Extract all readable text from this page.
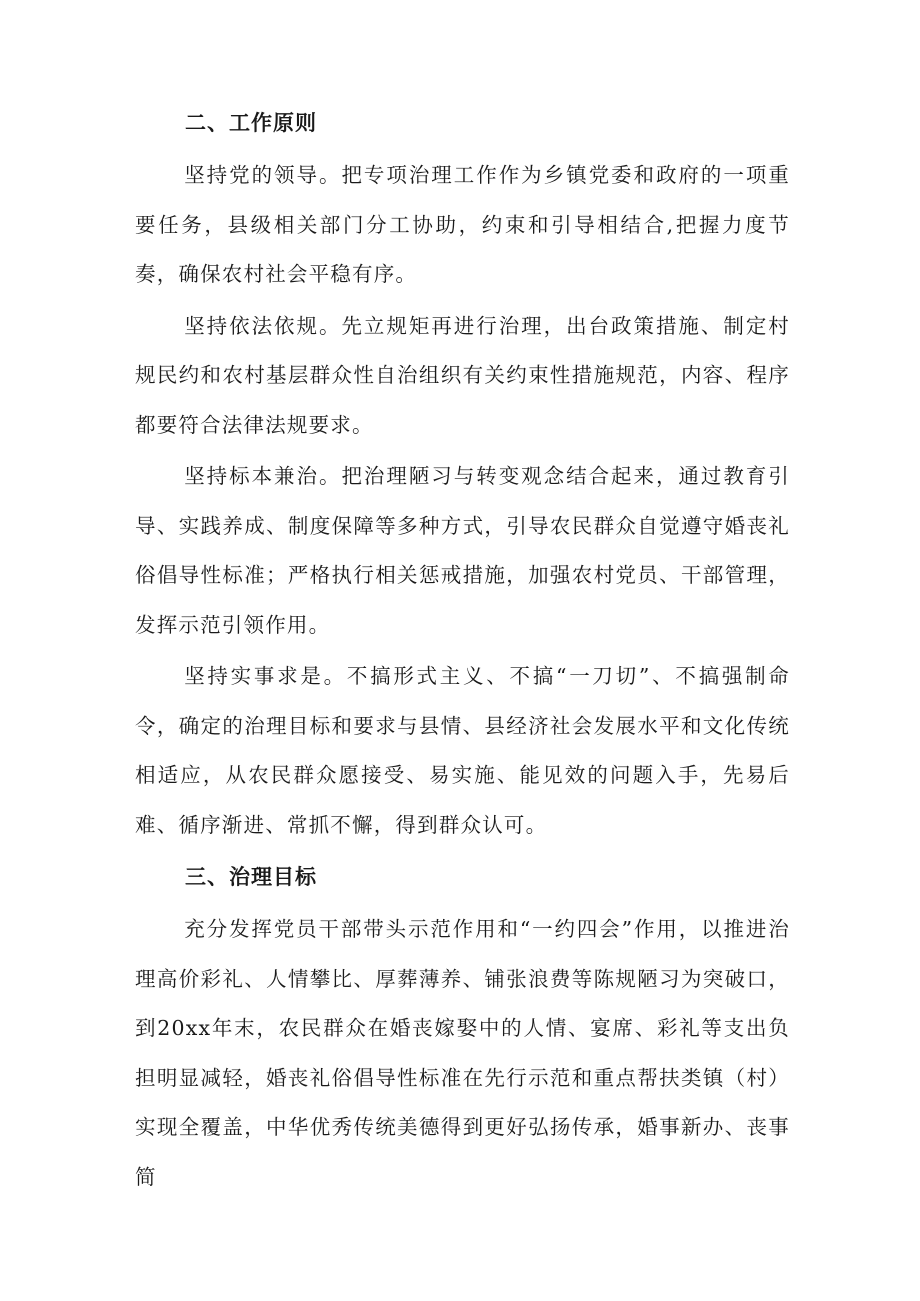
二、工作原则

坚持党的领导。把专项治理工作作为乡镇党委和政府的一项重要任务，县级相关部门分工协助，约束和引导相结合,把握力度节奏，确保农村社会平稳有序。

坚持依法依规。先立规矩再进行治理，出台政策措施、制定村规民约和农村基层群众性自治组织有关约束性措施规范，内容、程序都要符合法律法规要求。

坚持标本兼治。把治理陋习与转变观念结合起来，通过教育引导、实践养成、制度保障等多种方式，引导农民群众自觉遵守婚丧礼俗倡导性标准；严格执行相关惩戒措施，加强农村党员、干部管理，发挥示范引领作用。

坚持实事求是。不搞形式主义、不搞“一刀切”、不搞强制命令，确定的治理目标和要求与县情、县经济社会发展水平和文化传统相适应，从农民群众愿接受、易实施、能见效的问题入手，先易后难、循序渐进、常抓不懈，得到群众认可。

三、治理目标

充分发挥党员干部带头示范作用和“一约四会”作用，以推进治理高价彩礼、人情攀比、厚葬薄养、铺张浪费等陈规陋习为突破口，到20xx年末，农民群众在婚丧嫁娶中的人情、宴席、彩礼等支出负担明显减轻，婚丧礼俗倡导性标准在先行示范和重点帮扶类镇（村）实现全覆盖，中华优秀传统美德得到更好弘扬传承，婚事新办、丧事简
